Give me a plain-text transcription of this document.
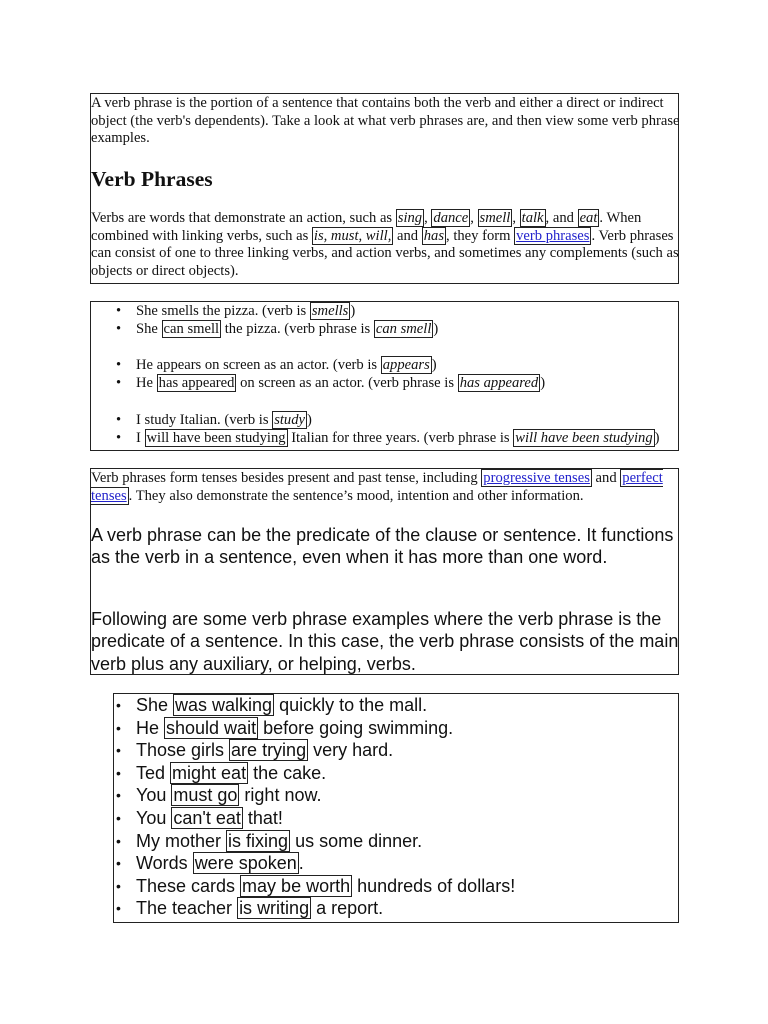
A verb phrase is the portion of a sentence that contains both the verb and either a direct or indirect object (the verb's dependents). Take a look at what verb phrases are, and then view some verb phrase examples.

Verb Phrases

Verbs are words that demonstrate an action, such as sing , dance , smell , talk , and eat . When combined with linking verbs, such as is, must, will, and has , they form verb phrases . Verb phrases can consist of one to three linking verbs, and action verbs, and sometimes any complements (such as objects or direct objects).

• She smells the pizza. (verb is smells )
• She can smell the pizza. (verb phrase is can smell )
• He appears on screen as an actor. (verb is appears )
• He has appeared on screen as an actor. (verb phrase is has appeared )
• I study Italian. (verb is study )
• I will have been studying Italian for three years. (verb phrase is will have been studying )

Verb phrases form tenses besides present and past tense, including progressive tenses and perfect tenses . They also demonstrate the sentence’s mood, intention and other information.

A verb phrase can be the predicate of the clause or sentence. It functions as the verb in a sentence, even when it has more than one word.

Following are some verb phrase examples where the verb phrase is the predicate of a sentence. In this case, the verb phrase consists of the main verb plus any auxiliary, or helping, verbs.

• She was walking quickly to the mall.
• He should wait before going swimming.
• Those girls are trying very hard.
• Ted might eat the cake.
• You must go right now.
• You can't eat that!
• My mother is fixing us some dinner.
• Words were spoken .
• These cards may be worth hundreds of dollars!
• The teacher is writing a report.
